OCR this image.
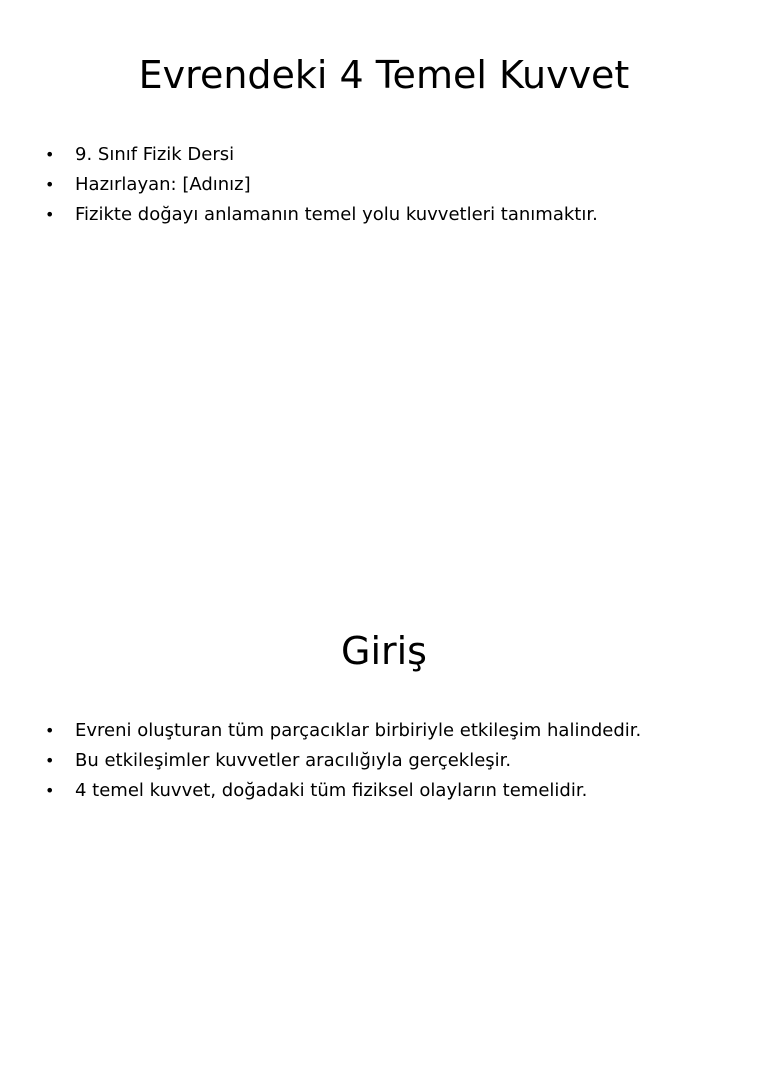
Evrendeki 4 Temel Kuvvet
• 9. Sınıf Fizik Dersi
• Hazırlayan: [Adınız]
• Fizikte doğayı anlamanın temel yolu kuvvetleri tanımaktır.
Giriş
• Evreni oluşturan tüm parçacıklar birbiriyle etkileşim halindedir.
• Bu etkileşimler kuvvetler aracılığıyla gerçekleşir.
• 4 temel kuvvet, doğadaki tüm fiziksel olayların temelidir.
